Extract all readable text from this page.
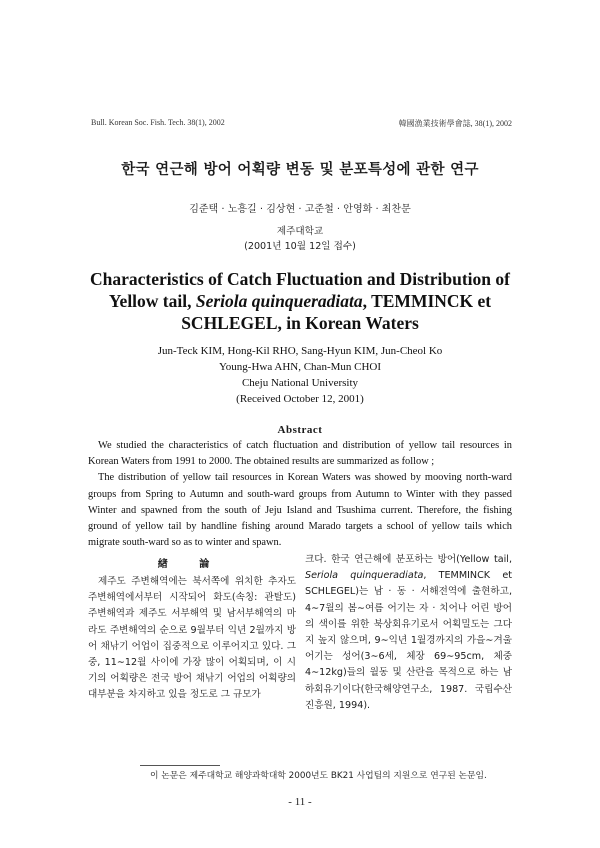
Bull. Korean Soc. Fish. Tech. 38(1), 2002	韓國漁業技術學會誌, 38(1), 2002
한국 연근해 방어 어획량 변동 및 분포특성에 관한 연구
김준택 · 노흥길 · 김상현 · 고준철 · 안영화 · 최찬문
제주대학교
(2001년 10월 12일 접수)
Characteristics of Catch Fluctuation and Distribution of
Yellow tail, Seriola quinqueradiata, TEMMINCK et
SCHLEGEL, in Korean Waters
Jun-Teck KIM, Hong-Kil RHO, Sang-Hyun KIM, Jun-Cheol Ko
Young-Hwa AHN, Chan-Mun CHOI
Cheju National University
(Received October 12, 2001)
Abstract

We studied the characteristics of catch fluctuation and distribution of yellow tail resources in Korean Waters from 1991 to 2000. The obtained results are summarized as follow ;

The distribution of yellow tail resources in Korean Waters was showed by mooving north-ward groups from Spring to Autumn and south-ward groups from Autumn to Winter with they passed Winter and spawned from the south of Jeju Island and Tsushima current. Therefore, the fishing ground of yellow tail by handline fishing around Marado targets a school of yellow tails which migrate south-ward so as to winter and spawn.

緖 論

제주도 주변해역에는 북서쪽에 위치한 추자도 주변해역에서부터 시작되어 화도(속칭: 관탈도) 주변해역과 제주도 서부해역 및 남서부해역의 마라도 주변해역의 순으로 9월부터 익년 2월까지 방어 채낚기 어업이 집중적으로 이루어지고 있다. 그중, 11∼12월 사이에 가장 많이 어획되며, 이 시기의 어획량은 전국 방어 채낚기 어업의 어획량의 대부분을 차지하고 있을 정도로 그 규모가

크다. 한국 연근해에 분포하는 방어(Yellow tail, Seriola quinqueradiata, TEMMINCK et SCHLEGEL)는 남 · 동 · 서해전역에 출현하고, 4∼7월의 봄∼여름 어기는 자 · 치어나 어린 방어의 색이를 위한 북상회유기로서 어획밀도는 그다지 높지 않으며, 9∼익년 1월경까지의 가을∼겨울 어기는 성어(3∼6세, 체장 69∼95cm, 체중 4∼12kg)들의 월동 및 산란을 목적으로 하는 남하회유기이다(한국해양연구소, 1987. 국립수산진흥원, 1994).

이 논문은 제주대학교 해양과학대학 2000년도 BK21 사업팀의 지원으로 연구된 논문임.
- 11 -
